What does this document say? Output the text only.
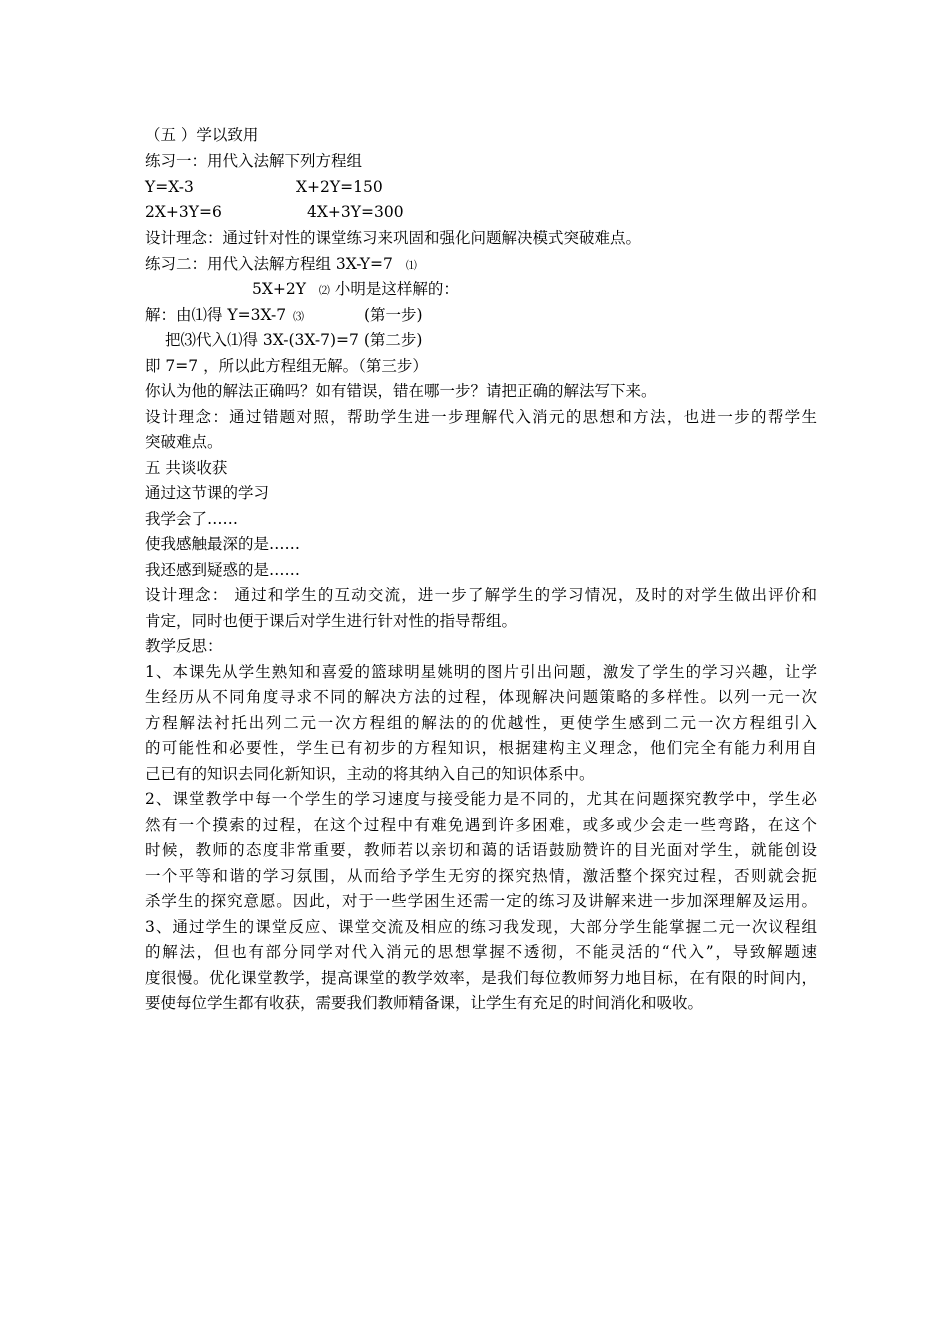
（五 ）学以致用
练习一：用代入法解下列方程组
Y=X-3	X+2Y=150
2X+3Y=6	4X+3Y=300
设计理念：通过针对性的课堂练习来巩固和强化问题解决模式突破难点。
练习二：用代入法解方程组 3X-Y=7 ⑴
5X+2Y ⑵ 小明是这样解的：
解：由⑴得 Y=3X-7 ⑶	(第一步)
把⑶代入⑴得 3X-(3X-7)=7 (第二步)
即 7=7 ，所以此方程组无解。（第三步）
你认为他的解法正确吗？如有错误，错在哪一步？请把正确的解法写下来。
设计理念：通过错题对照，帮助学生进一步理解代入消元的思想和方法，也进一步的帮学生
突破难点。
五 共谈收获
通过这节课的学习
我学会了……
使我感触最深的是……
我还感到疑惑的是……
设计理念： 通过和学生的互动交流，进一步了解学生的学习情况，及时的对学生做出评价和
肯定，同时也便于课后对学生进行针对性的指导帮组。
教学反思：
1、本课先从学生熟知和喜爱的篮球明星姚明的图片引出问题，激发了学生的学习兴趣，让学
生经历从不同角度寻求不同的解决方法的过程，体现解决问题策略的多样性。以列一元一次
方程解法衬托出列二元一次方程组的解法的的优越性，更使学生感到二元一次方程组引入
的可能性和必要性，学生已有初步的方程知识，根据建构主义理念，他们完全有能力利用自
己已有的知识去同化新知识，主动的将其纳入自己的知识体系中。
2、课堂教学中每一个学生的学习速度与接受能力是不同的，尤其在问题探究教学中，学生必
然有一个摸索的过程，在这个过程中有难免遇到许多困难，或多或少会走一些弯路，在这个
时候，教师的态度非常重要，教师若以亲切和蔼的话语鼓励赞许的目光面对学生，就能创设
一个平等和谐的学习氛围，从而给予学生无穷的探究热情，激活整个探究过程，否则就会扼
杀学生的探究意愿。因此，对于一些学困生还需一定的练习及讲解来进一步加深理解及运用。
3、通过学生的课堂反应、课堂交流及相应的练习我发现，大部分学生能掌握二元一次议程组
的解法，但也有部分同学对代入消元的思想掌握不透彻，不能灵活的“代入”，导致解题速
度很慢。优化课堂教学，提高课堂的教学效率，是我们每位教师努力地目标，在有限的时间内，
要使每位学生都有收获，需要我们教师精备课，让学生有充足的时间消化和吸收。
